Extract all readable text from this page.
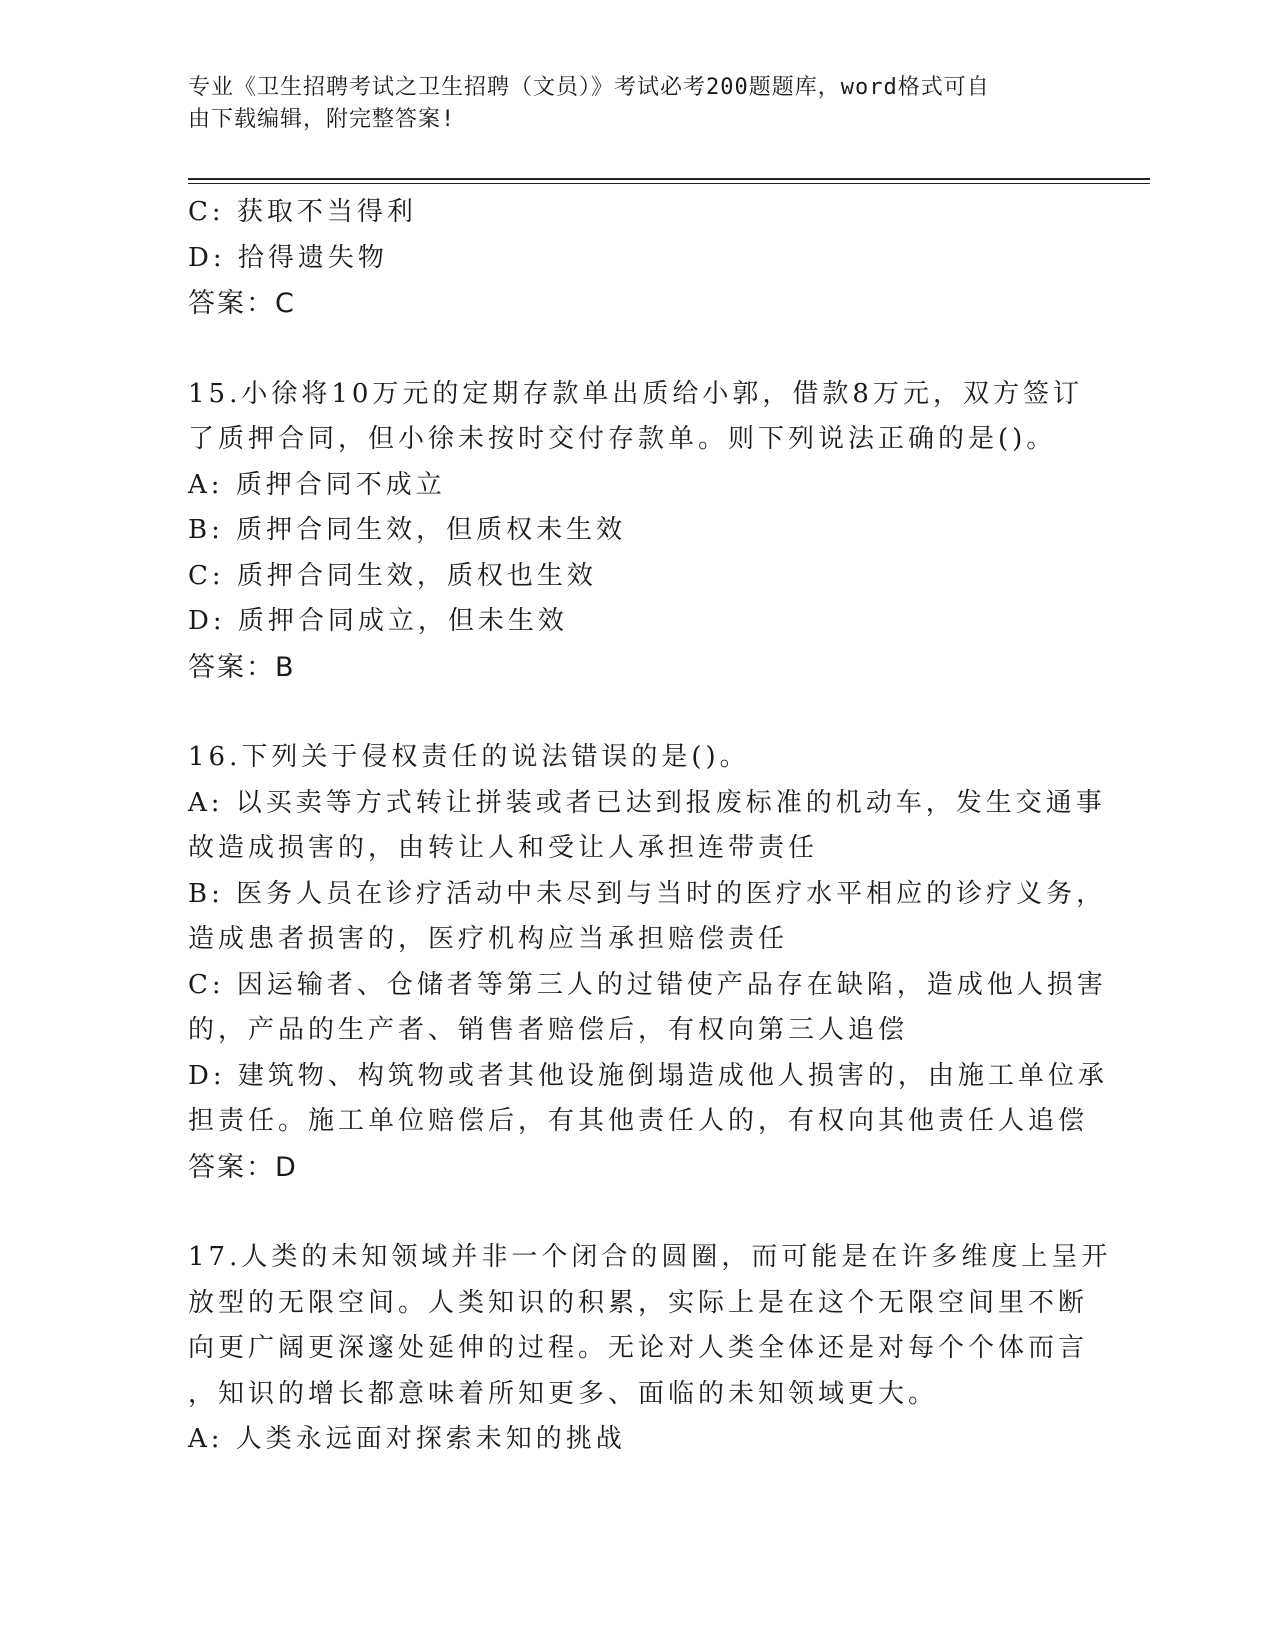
专业《卫生招聘考试之卫生招聘（文员）》考试必考200题题库，word格式可自
由下载编辑，附完整答案!
C: 获取不当得利
D: 拾得遗失物
答案：C
15.小徐将10万元的定期存款单出质给小郭，借款8万元，双方签订
了质押合同，但小徐未按时交付存款单。则下列说法正确的是()。
A: 质押合同不成立
B: 质押合同生效，但质权未生效
C: 质押合同生效，质权也生效
D: 质押合同成立，但未生效
答案：B
16.下列关于侵权责任的说法错误的是()。
A: 以买卖等方式转让拼装或者已达到报废标准的机动车，发生交通事
故造成损害的，由转让人和受让人承担连带责任
B: 医务人员在诊疗活动中未尽到与当时的医疗水平相应的诊疗义务，
造成患者损害的，医疗机构应当承担赔偿责任
C: 因运输者、仓储者等第三人的过错使产品存在缺陷，造成他人损害
的，产品的生产者、销售者赔偿后，有权向第三人追偿
D: 建筑物、构筑物或者其他设施倒塌造成他人损害的，由施工单位承
担责任。施工单位赔偿后，有其他责任人的，有权向其他责任人追偿
答案：D
17.人类的未知领域并非一个闭合的圆圈，而可能是在许多维度上呈开
放型的无限空间。人类知识的积累，实际上是在这个无限空间里不断
向更广阔更深邃处延伸的过程。无论对人类全体还是对每个个体而言
，知识的增长都意味着所知更多、面临的未知领域更大。
A: 人类永远面对探索未知的挑战
